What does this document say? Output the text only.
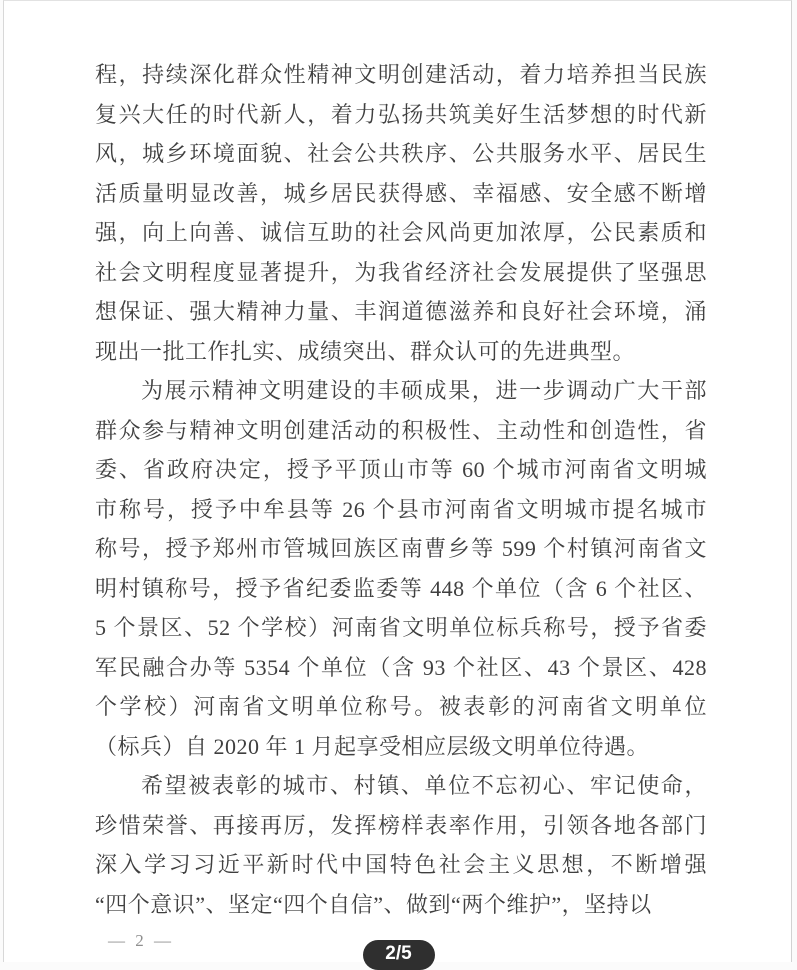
程，持续深化群众性精神文明创建活动，着力培养担当民族
复兴大任的时代新人，着力弘扬共筑美好生活梦想的时代新
风，城乡环境面貌、社会公共秩序、公共服务水平、居民生
活质量明显改善，城乡居民获得感、幸福感、安全感不断增
强，向上向善、诚信互助的社会风尚更加浓厚，公民素质和
社会文明程度显著提升，为我省经济社会发展提供了坚强思
想保证、强大精神力量、丰润道德滋养和良好社会环境，涌
现出一批工作扎实、成绩突出、群众认可的先进典型。
为展示精神文明建设的丰硕成果，进一步调动广大干部
群众参与精神文明创建活动的积极性、主动性和创造性，省
委、省政府决定，授予平顶山市等 60 个城市河南省文明城
市称号，授予中牟县等 26 个县市河南省文明城市提名城市
称号，授予郑州市管城回族区南曹乡等 599 个村镇河南省文
明村镇称号，授予省纪委监委等 448 个单位（含 6 个社区、
5 个景区、52 个学校）河南省文明单位标兵称号，授予省委
军民融合办等 5354 个单位（含 93 个社区、43 个景区、428
个学校）河南省文明单位称号。被表彰的河南省文明单位
（标兵）自 2020 年 1 月起享受相应层级文明单位待遇。
希望被表彰的城市、村镇、单位不忘初心、牢记使命，
珍惜荣誉、再接再厉，发挥榜样表率作用，引领各地各部门
深入学习习近平新时代中国特色社会主义思想，不断增强
“四个意识”、坚定“四个自信”、做到“两个维护”，坚持以
— 2 —
2/5
